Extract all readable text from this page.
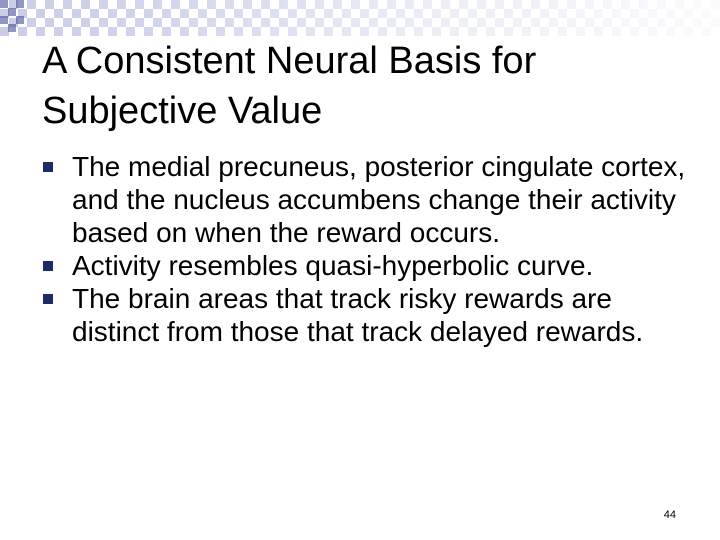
A Consistent Neural Basis for Subjective Value
The medial precuneus, posterior cingulate cortex, and the nucleus accumbens change their activity based on when the reward occurs.
Activity resembles quasi-hyperbolic curve.
The brain areas that track risky rewards are distinct from those that track delayed rewards.
44
